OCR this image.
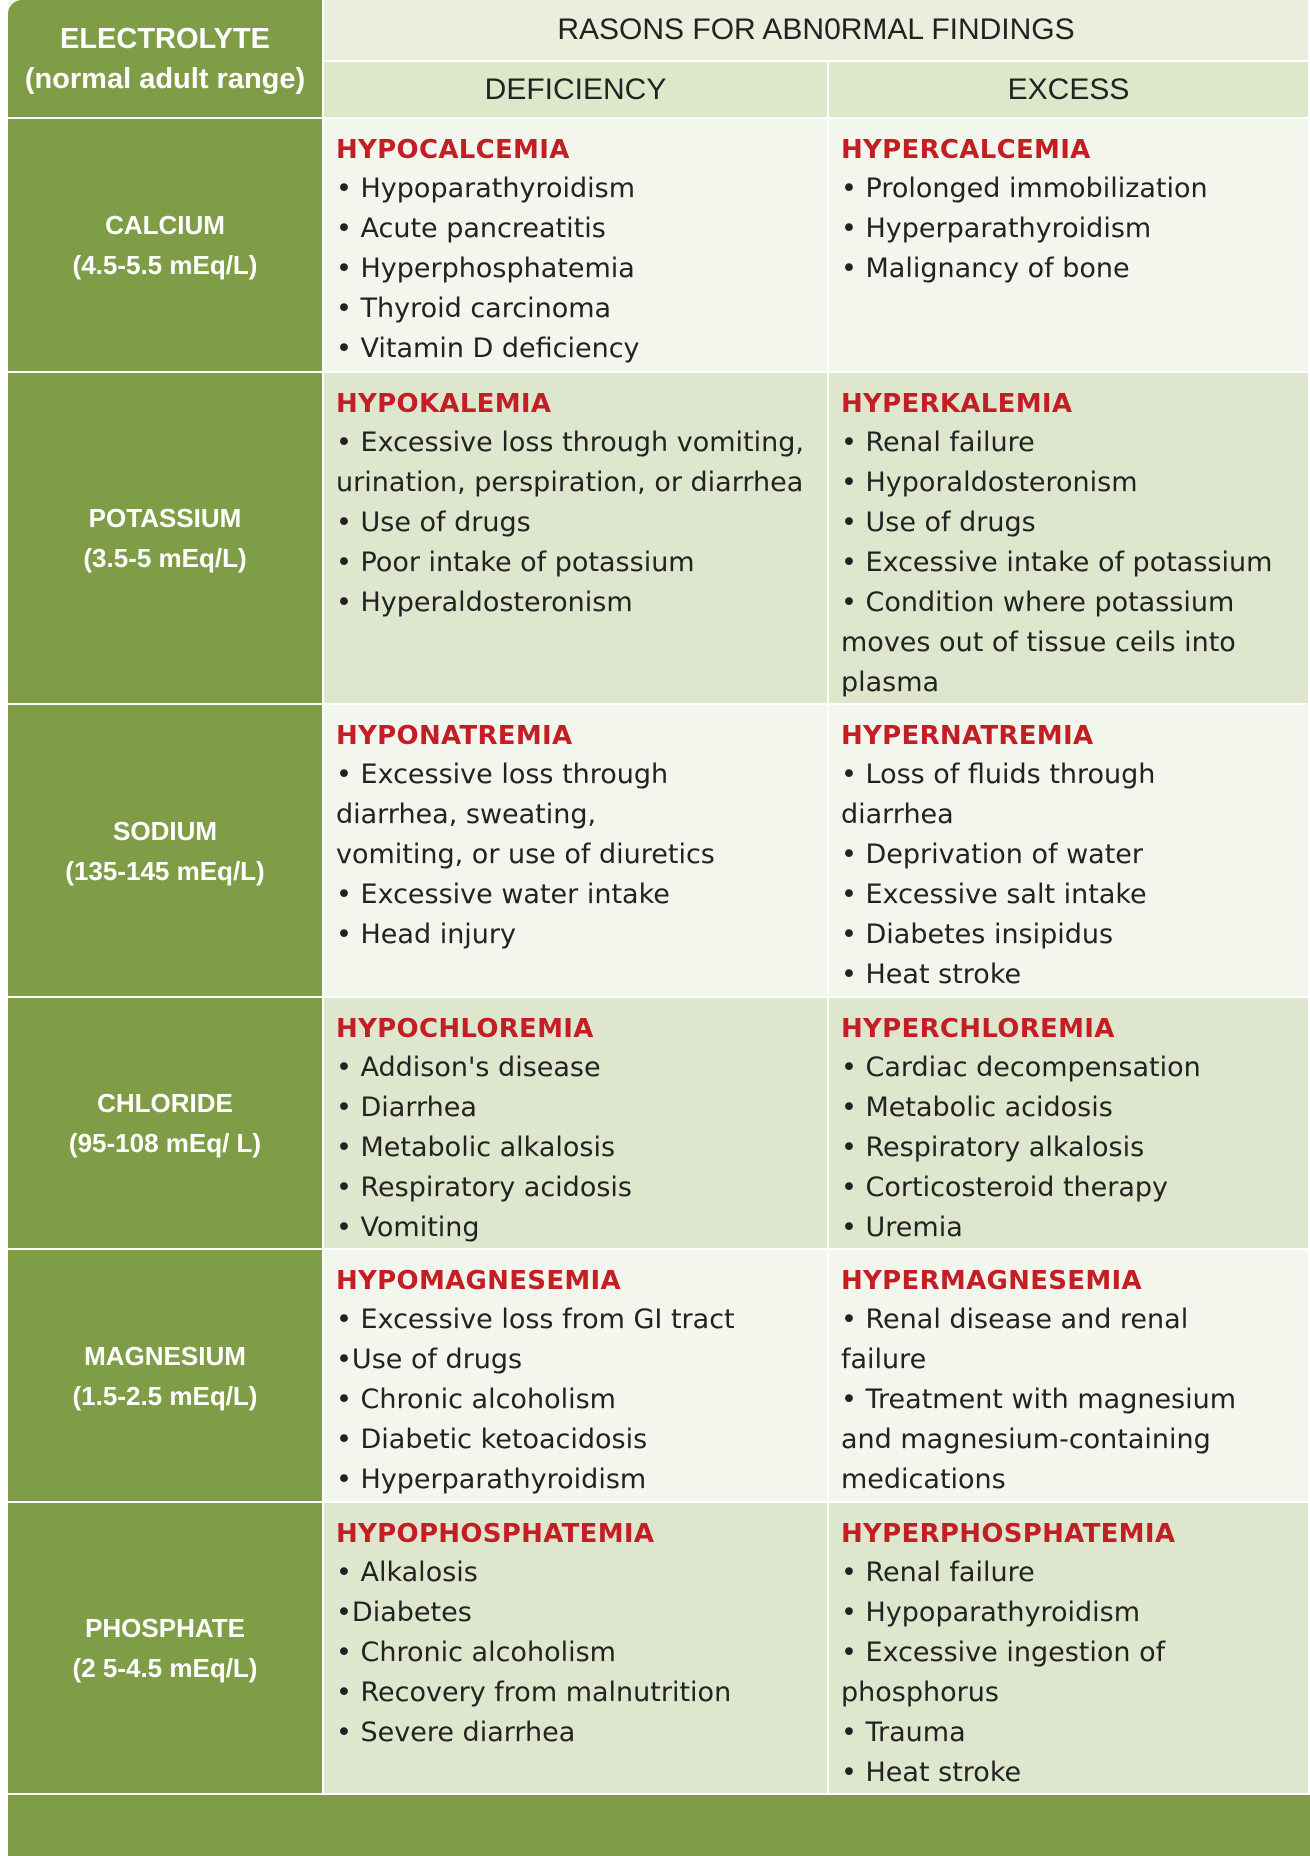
ELECTROLYTE
(normal adult range)
RASONS FOR ABN0RMAL FINDINGS
DEFICIENCY	EXCESS
CALCIUM
(4.5-5.5 mEq/L)
HYPOCALCEMIA
• Hypoparathyroidism
• Acute pancreatitis
• Hyperphosphatemia
• Thyroid carcinoma
• Vitamin D deficiency
HYPERCALCEMIA
• Prolonged immobilization
• Hyperparathyroidism
• Malignancy of bone
POTASSIUM
(3.5-5 mEq/L)
HYPOKALEMIA
• Excessive loss through vomiting,
urination, perspiration, or diarrhea
• Use of drugs
• Poor intake of potassium
• Hyperaldosteronism
HYPERKALEMIA
• Renal failure
• Hyporaldosteronism
• Use of drugs
• Excessive intake of potassium
• Condition where potassium
moves out of tissue ceils into
plasma
SODIUM
(135-145 mEq/L)
HYPONATREMIA
• Excessive loss through
diarrhea, sweating,
vomiting, or use of diuretics
• Excessive water intake
• Head injury
HYPERNATREMIA
• Loss of fluids through
diarrhea
• Deprivation of water
• Excessive salt intake
• Diabetes insipidus
• Heat stroke
CHLORIDE
(95-108 mEq/ L)
HYPOCHLOREMIA
• Addison's disease
• Diarrhea
• Metabolic alkalosis
• Respiratory acidosis
• Vomiting
HYPERCHLOREMIA
• Cardiac decompensation
• Metabolic acidosis
• Respiratory alkalosis
• Corticosteroid therapy
• Uremia
MAGNESIUM
(1.5-2.5 mEq/L)
HYPOMAGNESEMIA
• Excessive loss from GI tract
•Use of drugs
• Chronic alcoholism
• Diabetic ketoacidosis
• Hyperparathyroidism
HYPERMAGNESEMIA
• Renal disease and renal
failure
• Treatment with magnesium
and magnesium-containing
medications
PHOSPHATE
(2 5-4.5 mEq/L)
HYPOPHOSPHATEMIA
• Alkalosis
•Diabetes
• Chronic alcoholism
• Recovery from malnutrition
• Severe diarrhea
HYPERPHOSPHATEMIA
• Renal failure
• Hypoparathyroidism
• Excessive ingestion of
phosphorus
• Trauma
• Heat stroke
